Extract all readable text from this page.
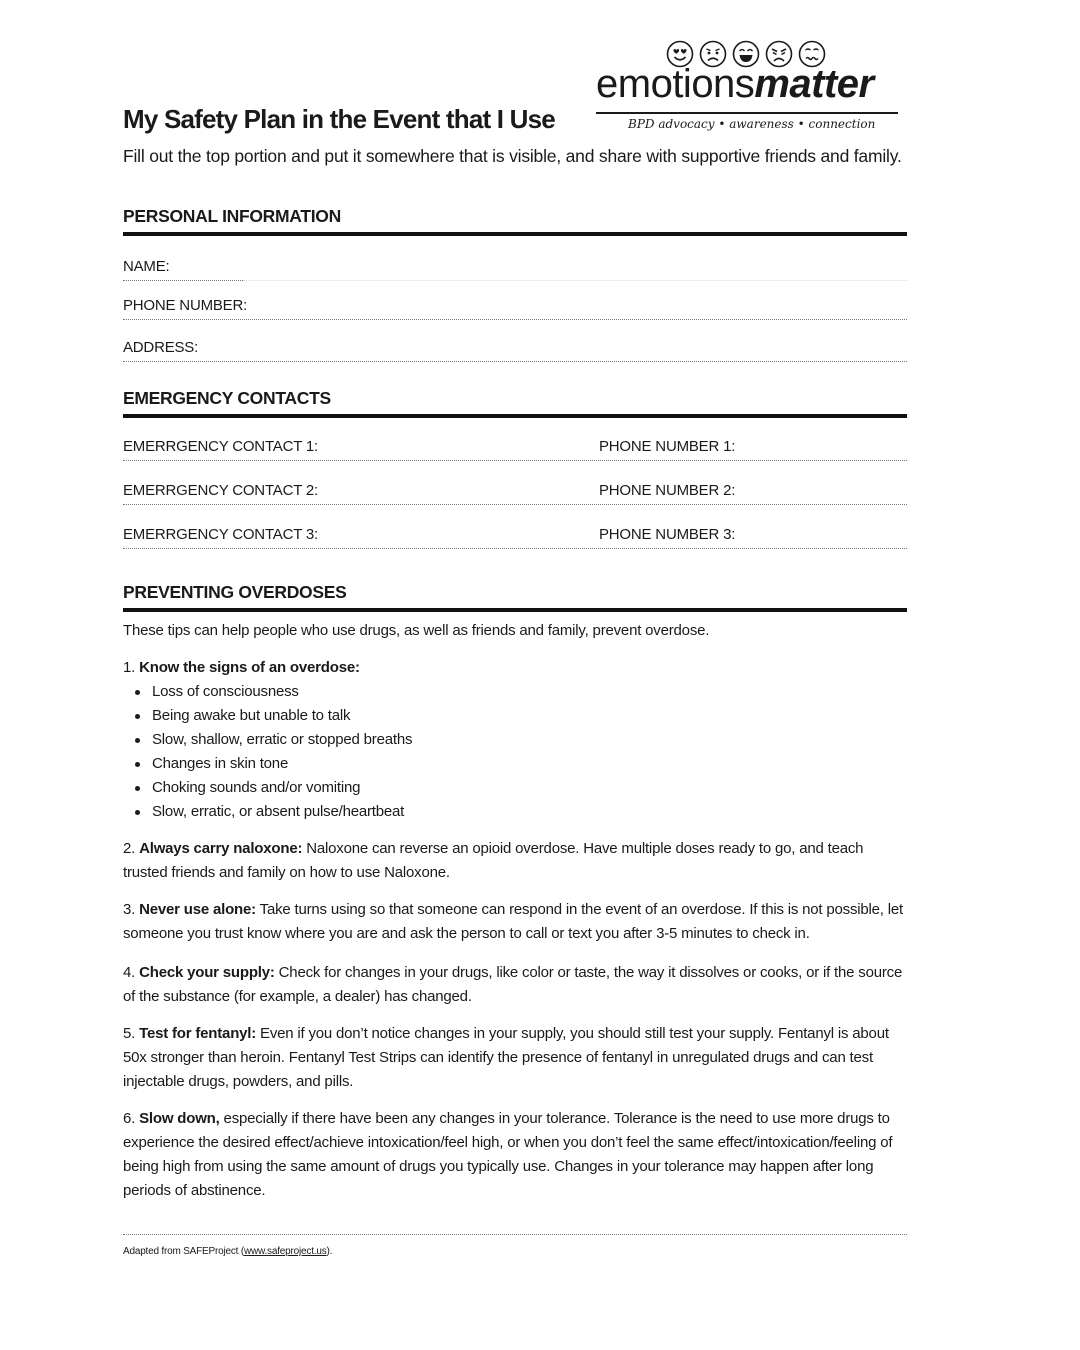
My Safety Plan in the Event that I Use

Fill out the top portion and put it somewhere that is visible, and share with supportive friends and family.

emotionsmatter
BPD advocacy • awareness • connection
PERSONAL INFORMATION
NAME:
PHONE NUMBER:
ADDRESS:
EMERGENCY CONTACTS
EMERRGENCY CONTACT 1:	PHONE NUMBER 1:
EMERRGENCY CONTACT 2:	PHONE NUMBER 2:
EMERRGENCY CONTACT 3:	PHONE NUMBER 3:
PREVENTING OVERDOSES

These tips can help people who use drugs, as well as friends and family, prevent overdose.

1. Know the signs of an overdose:

Loss of consciousness
Being awake but unable to talk
Slow, shallow, erratic or stopped breaths
Changes in skin tone
Choking sounds and/or vomiting
Slow, erratic, or absent pulse/heartbeat

2. Always carry naloxone: Naloxone can reverse an opioid overdose. Have multiple doses ready to go, and teach trusted friends and family on how to use Naloxone.

3. Never use alone: Take turns using so that someone can respond in the event of an overdose. If this is not possible, let someone you trust know where you are and ask the person to call or text you after 3-5 minutes to check in.

4. Check your supply: Check for changes in your drugs, like color or taste, the way it dissolves or cooks, or if the source of the substance (for example, a dealer) has changed.

5. Test for fentanyl: Even if you don’t notice changes in your supply, you should still test your supply. Fentanyl is about 50x stronger than heroin. Fentanyl Test Strips can identify the presence of fentanyl in unregulated drugs and can test injectable drugs, powders, and pills.

6. Slow down, especially if there have been any changes in your tolerance. Tolerance is the need to use more drugs to experience the desired effect/achieve intoxication/feel high, or when you don’t feel the same effect/intoxication/feeling of being high from using the same amount of drugs you typically use. Changes in your tolerance may happen after long periods of abstinence.

Adapted from SAFEProject (www.safeproject.us).
